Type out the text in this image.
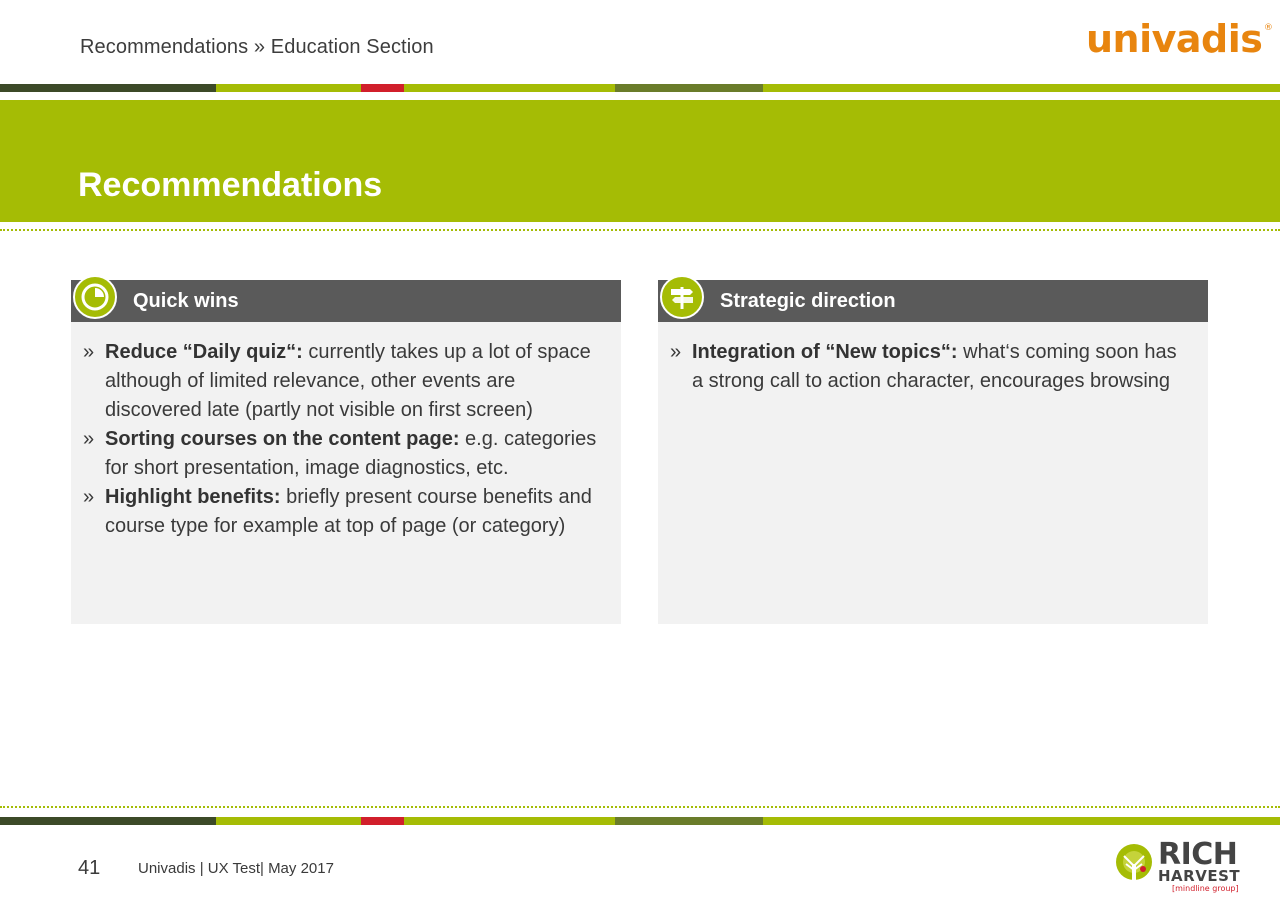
Recommendations » Education Section	univadis ®
Recommendations
Quick wins
» Reduce “Daily quiz“: currently takes up a lot of space although of limited relevance, other events are discovered late (partly not visible on first screen)
» Sorting courses on the content page: e.g. categories for short presentation, image diagnostics, etc.
» Highlight benefits: briefly present course benefits and course type for example at top of page (or category)
Strategic direction
» Integration of “New topics“: what‘s coming soon has a strong call to action character, encourages browsing
41	Univadis | UX Test| May 2017	RICH
HARVEST
[mindline group]
